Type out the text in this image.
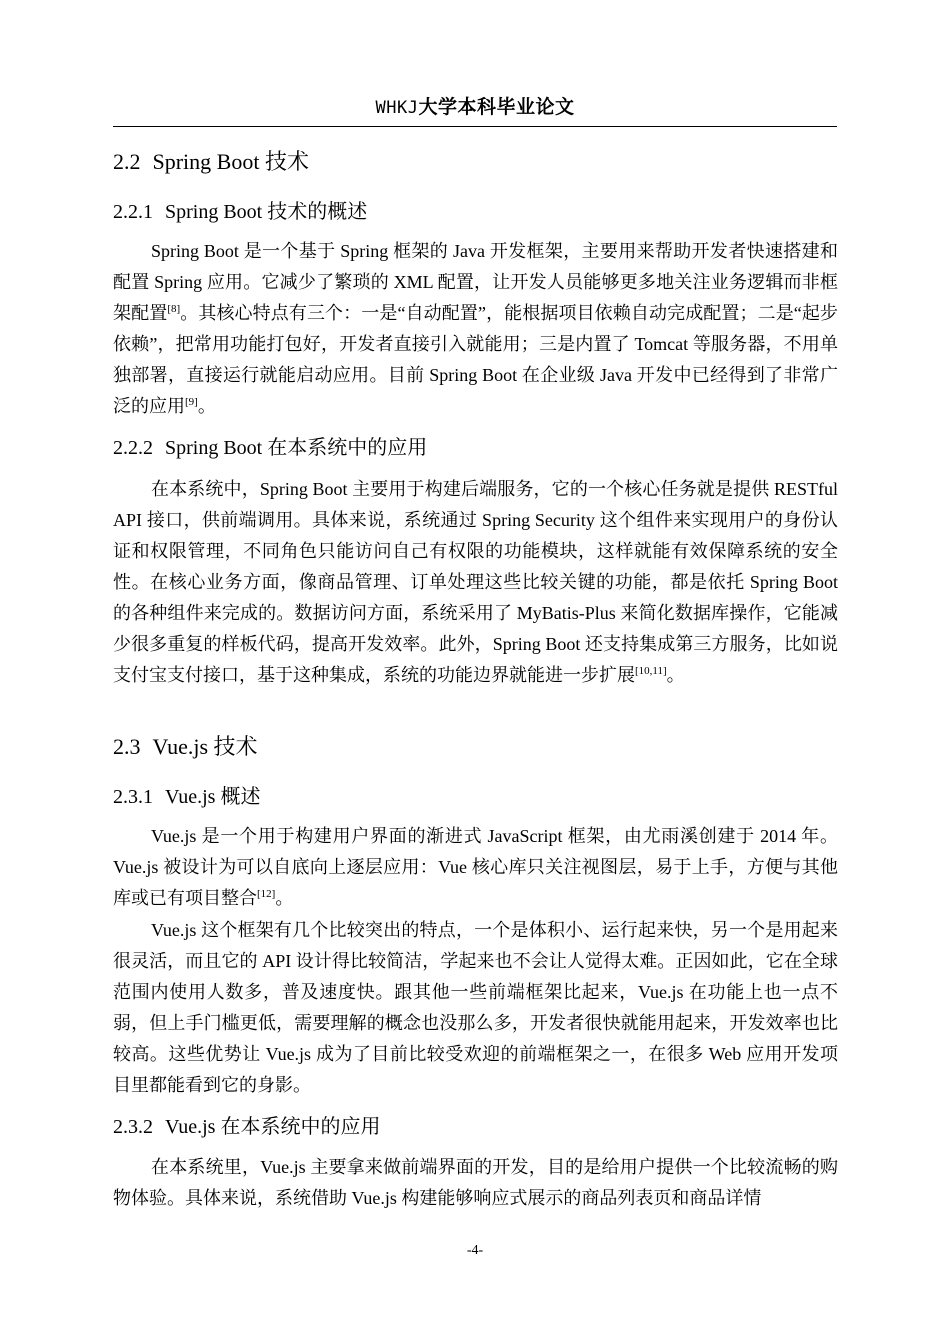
WHKJ大学本科毕业论文
2.2 Spring Boot 技术
2.2.1 Spring Boot 技术的概述

Spring Boot 是一个基于 Spring 框架的 Java 开发框架，主要用来帮助开发者快速搭建和配置 Spring 应用。它减少了繁琐的 XML 配置，让开发人员能够更多地关注业务逻辑而非框架配置[8]。其核心特点有三个：一是“自动配置”，能根据项目依赖自动完成配置；二是“起步依赖”，把常用功能打包好，开发者直接引入就能用；三是内置了 Tomcat 等服务器，不用单独部署，直接运行就能启动应用。目前 Spring Boot 在企业级 Java 开发中已经得到了非常广泛的应用[9]。

2.2.2 Spring Boot 在本系统中的应用

在本系统中，Spring Boot 主要用于构建后端服务，它的一个核心任务就是提供 RESTful API 接口，供前端调用。具体来说，系统通过 Spring Security 这个组件来实现用户的身份认证和权限管理，不同角色只能访问自己有权限的功能模块，这样就能有效保障系统的安全性。在核心业务方面，像商品管理、订单处理这些比较关键的功能，都是依托 Spring Boot 的各种组件来完成的。数据访问方面，系统采用了 MyBatis-Plus 来简化数据库操作，它能减少很多重复的样板代码，提高开发效率。此外，Spring Boot 还支持集成第三方服务，比如说支付宝支付接口，基于这种集成，系统的功能边界就能进一步扩展[10,11]。

2.3 Vue.js 技术
2.3.1 Vue.js 概述

Vue.js 是一个用于构建用户界面的渐进式 JavaScript 框架，由尤雨溪创建于 2014 年。Vue.js 被设计为可以自底向上逐层应用：Vue 核心库只关注视图层，易于上手，方便与其他库或已有项目整合[12]。

Vue.js 这个框架有几个比较突出的特点，一个是体积小、运行起来快，另一个是用起来很灵活，而且它的 API 设计得比较简洁，学起来也不会让人觉得太难。正因如此，它在全球范围内使用人数多，普及速度快。跟其他一些前端框架比起来，Vue.js 在功能上也一点不弱，但上手门槛更低，需要理解的概念也没那么多，开发者很快就能用起来，开发效率也比较高。这些优势让 Vue.js 成为了目前比较受欢迎的前端框架之一，在很多 Web 应用开发项目里都能看到它的身影。

2.3.2 Vue.js 在本系统中的应用

在本系统里，Vue.js 主要拿来做前端界面的开发，目的是给用户提供一个比较流畅的购物体验。具体来说，系统借助 Vue.js 构建能够响应式展示的商品列表页和商品详情

-4-
